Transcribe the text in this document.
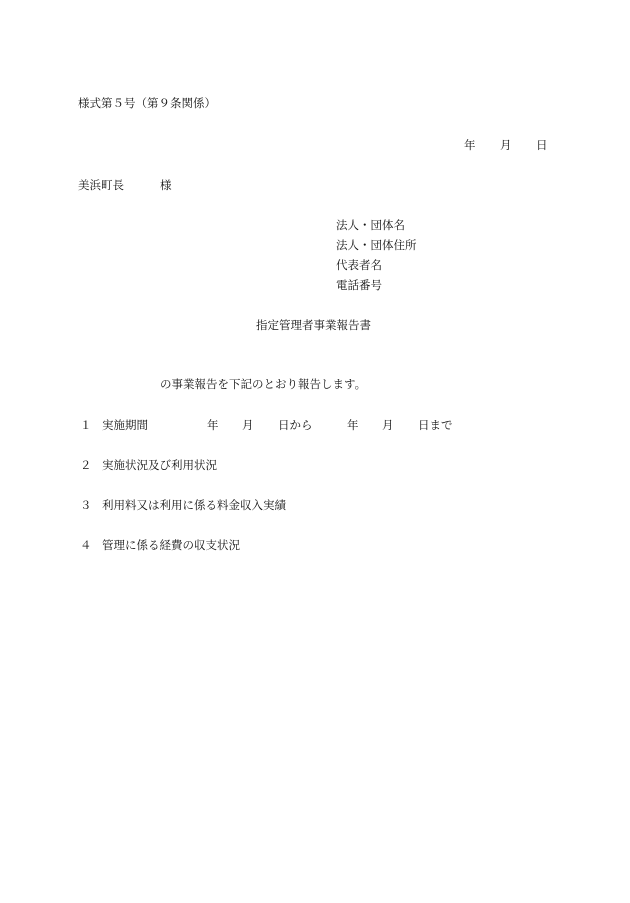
様式第５号（第９条関係）
年 月 日
美浜町長	様
法人・団体名
法人・団体住所
代表者名
電話番号
指定管理者事業報告書
の事業報告を下記のとおり報告します。
１ 実施期間	年 月 日から	年 月 日まで
２ 実施状況及び利用状況
３ 利用料又は利用に係る料金収入実績
４ 管理に係る経費の収支状況
